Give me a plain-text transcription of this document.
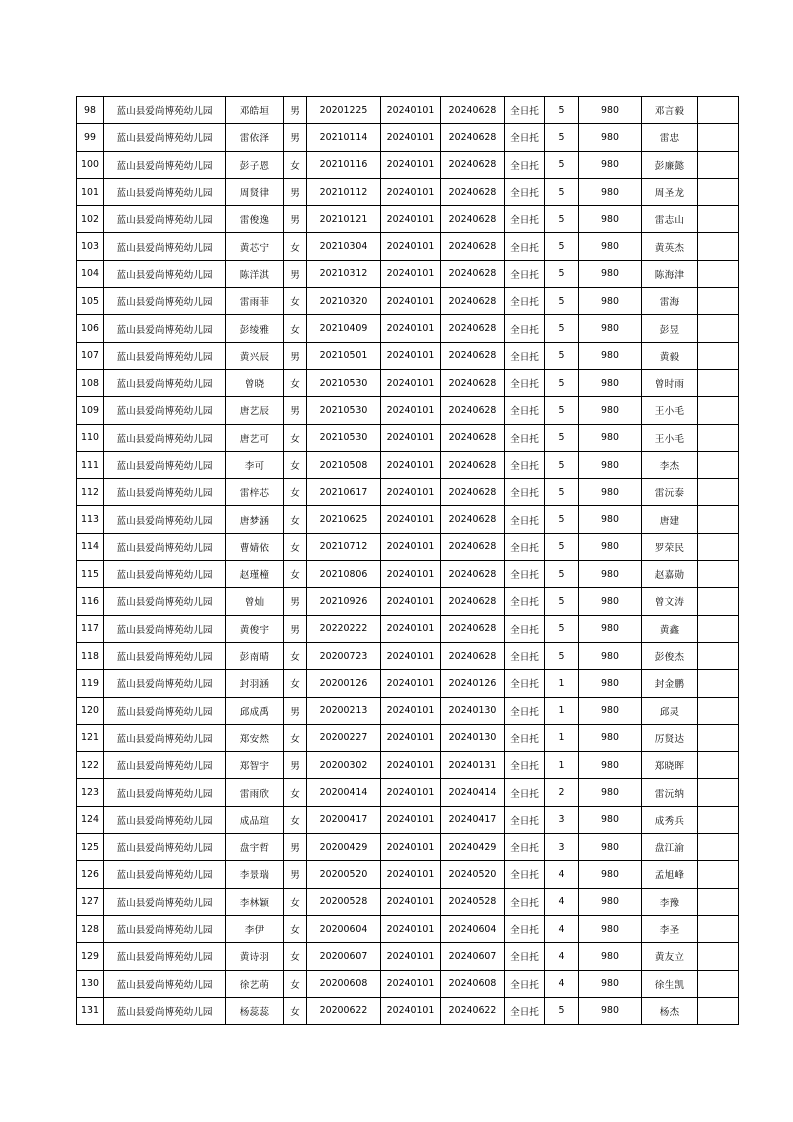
98	蓝山县爱尚博苑幼儿园	邓皓垣	男	20201225	20240101	20240628	全日托	5	980	邓言毅	
99	蓝山县爱尚博苑幼儿园	雷依泽	男	20210114	20240101	20240628	全日托	5	980	雷忠	
100	蓝山县爱尚博苑幼儿园	彭子恩	女	20210116	20240101	20240628	全日托	5	980	彭廉懿	
101	蓝山县爱尚博苑幼儿园	周贤律	男	20210112	20240101	20240628	全日托	5	980	周圣龙	
102	蓝山县爱尚博苑幼儿园	雷俊逸	男	20210121	20240101	20240628	全日托	5	980	雷志山	
103	蓝山县爱尚博苑幼儿园	黄芯宁	女	20210304	20240101	20240628	全日托	5	980	黄英杰	
104	蓝山县爱尚博苑幼儿园	陈洋淇	男	20210312	20240101	20240628	全日托	5	980	陈海津	
105	蓝山县爱尚博苑幼儿园	雷雨菲	女	20210320	20240101	20240628	全日托	5	980	雷海	
106	蓝山县爱尚博苑幼儿园	彭绫雅	女	20210409	20240101	20240628	全日托	5	980	彭昱	
107	蓝山县爱尚博苑幼儿园	黄兴辰	男	20210501	20240101	20240628	全日托	5	980	黄毅	
108	蓝山县爱尚博苑幼儿园	曾晓	女	20210530	20240101	20240628	全日托	5	980	曾时雨	
109	蓝山县爱尚博苑幼儿园	唐艺辰	男	20210530	20240101	20240628	全日托	5	980	王小毛	
110	蓝山县爱尚博苑幼儿园	唐艺可	女	20210530	20240101	20240628	全日托	5	980	王小毛	
111	蓝山县爱尚博苑幼儿园	李可	女	20210508	20240101	20240628	全日托	5	980	李杰	
112	蓝山县爱尚博苑幼儿园	雷梓芯	女	20210617	20240101	20240628	全日托	5	980	雷沅泰	
113	蓝山县爱尚博苑幼儿园	唐梦涵	女	20210625	20240101	20240628	全日托	5	980	唐建	
114	蓝山县爱尚博苑幼儿园	曹婧依	女	20210712	20240101	20240628	全日托	5	980	罗荣民	
115	蓝山县爱尚博苑幼儿园	赵瑾橦	女	20210806	20240101	20240628	全日托	5	980	赵嘉勋	
116	蓝山县爱尚博苑幼儿园	曾灿	男	20210926	20240101	20240628	全日托	5	980	曾文涛	
117	蓝山县爱尚博苑幼儿园	黄俊宇	男	20220222	20240101	20240628	全日托	5	980	黄鑫	
118	蓝山县爱尚博苑幼儿园	彭南晴	女	20200723	20240101	20240628	全日托	5	980	彭俊杰	
119	蓝山县爱尚博苑幼儿园	封羽涵	女	20200126	20240101	20240126	全日托	1	980	封金鹏	
120	蓝山县爱尚博苑幼儿园	邱成禹	男	20200213	20240101	20240130	全日托	1	980	邱灵	
121	蓝山县爱尚博苑幼儿园	郑安然	女	20200227	20240101	20240130	全日托	1	980	厉贤达	
122	蓝山县爱尚博苑幼儿园	郑智宇	男	20200302	20240101	20240131	全日托	1	980	郑晓晖	
123	蓝山县爱尚博苑幼儿园	雷雨欣	女	20200414	20240101	20240414	全日托	2	980	雷沅纳	
124	蓝山县爱尚博苑幼儿园	成品瑄	女	20200417	20240101	20240417	全日托	3	980	成秀兵	
125	蓝山县爱尚博苑幼儿园	盘宇哲	男	20200429	20240101	20240429	全日托	3	980	盘江渝	
126	蓝山县爱尚博苑幼儿园	李景瑞	男	20200520	20240101	20240520	全日托	4	980	孟旭峰	
127	蓝山县爱尚博苑幼儿园	李林颖	女	20200528	20240101	20240528	全日托	4	980	李豫	
128	蓝山县爱尚博苑幼儿园	李伊	女	20200604	20240101	20240604	全日托	4	980	李圣	
129	蓝山县爱尚博苑幼儿园	黄诗羽	女	20200607	20240101	20240607	全日托	4	980	黄友立	
130	蓝山县爱尚博苑幼儿园	徐艺萌	女	20200608	20240101	20240608	全日托	4	980	徐生凯	
131	蓝山县爱尚博苑幼儿园	杨蕊蕊	女	20200622	20240101	20240622	全日托	5	980	杨杰	
